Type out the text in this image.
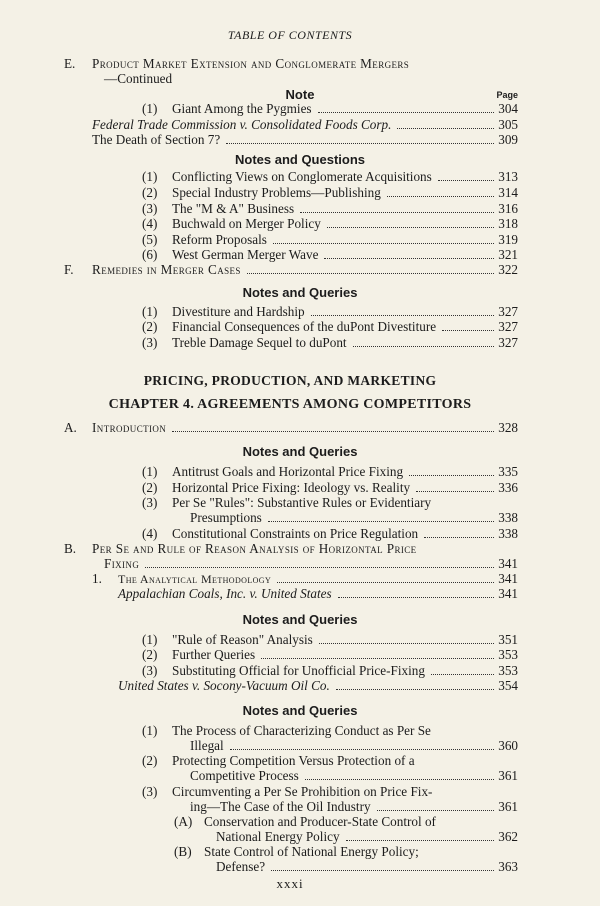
TABLE OF CONTENTS
E. Product Market Extension and Conglomerate Mergers
—Continued
Note	Page
(1)	Giant Among the Pygmies	304
Federal Trade Commission v. Consolidated Foods Corp.	305
The Death of Section 7?	309
Notes and Questions
(1)	Conflicting Views on Conglomerate Acquisitions	313
(2)	Special Industry Problems—Publishing	314
(3)	The "M & A" Business	316
(4)	Buchwald on Merger Policy	318
(5)	Reform Proposals	319
(6)	West German Merger Wave	321
F. Remedies in Merger Cases	322
Notes and Queries
(1)	Divestiture and Hardship	327
(2)	Financial Consequences of the duPont Divestiture	327
(3)	Treble Damage Sequel to duPont	327
PRICING, PRODUCTION, AND MARKETING
CHAPTER 4. AGREEMENTS AMONG COMPETITORS
A. Introduction	328
Notes and Queries
(1)	Antitrust Goals and Horizontal Price Fixing	335
(2)	Horizontal Price Fixing: Ideology vs. Reality	336
(3)	Per Se "Rules": Substantive Rules or Evidentiary
Presumptions	338
(4)	Constitutional Constraints on Price Regulation	338
B. Per Se and Rule of Reason Analysis of Horizontal Price
Fixing	341
1.	The Analytical Methodology	341
Appalachian Coals, Inc. v. United States	341
Notes and Queries
(1)	"Rule of Reason" Analysis	351
(2)	Further Queries	353
(3)	Substituting Official for Unofficial Price-Fixing	353
United States v. Socony-Vacuum Oil Co.	354
Notes and Queries
(1)	The Process of Characterizing Conduct as Per Se
Illegal	360
(2)	Protecting Competition Versus Protection of a
Competitive Process	361
(3)	Circumventing a Per Se Prohibition on Price Fix-
ing—The Case of the Oil Industry	361
(A) Conservation and Producer-State Control of
National Energy Policy	362
(B) State Control of National Energy Policy;
Defense?	363
xxxi
